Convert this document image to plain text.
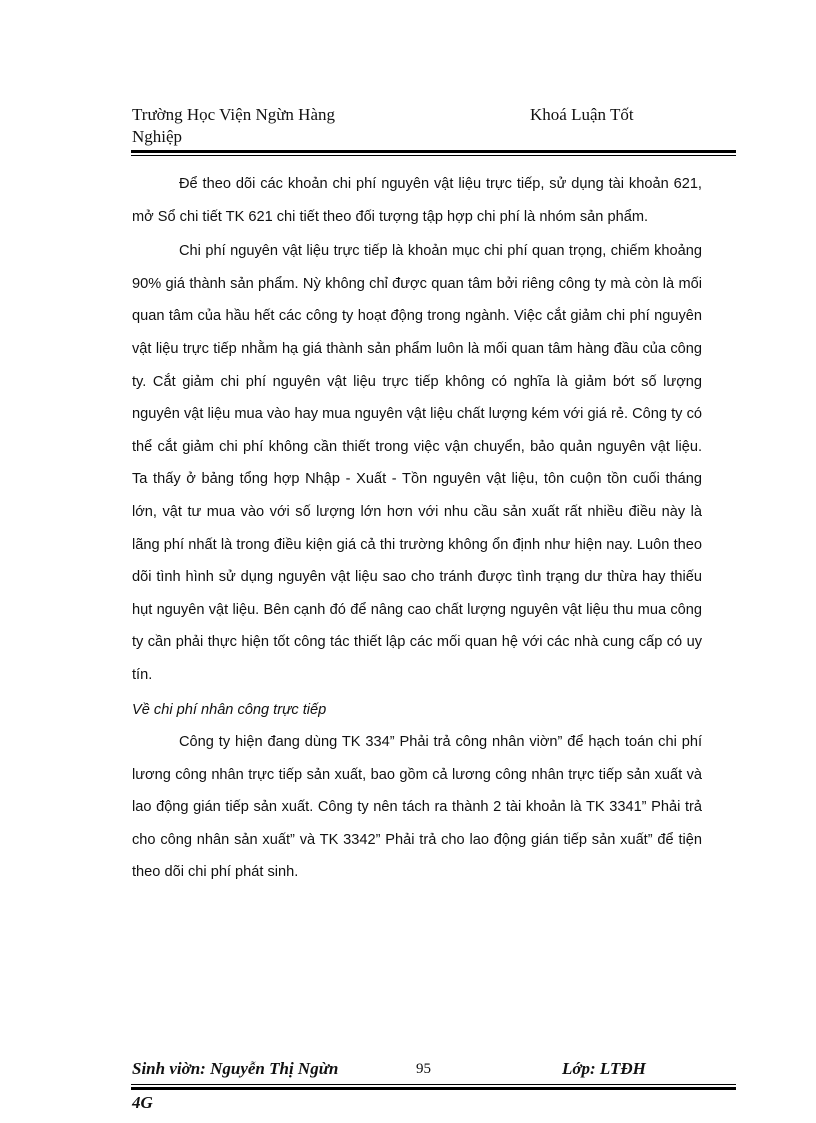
Trường Học Viện Ngừn Hàng
Nghiệp
Khoá Luận Tốt

Để theo dõi các khoản chi phí nguyên vật liệu trực tiếp, sử dụng tài khoản 621, mở Sổ chi tiết TK 621 chi tiết theo đối tượng tập hợp chi phí là nhóm sản phẩm.

Chi phí nguyên vật liệu trực tiếp là khoản mục chi phí quan trọng, chiếm khoảng 90% giá thành sản phẩm. Nỳ không chỉ được quan tâm bởi riêng công ty mà còn là mối quan tâm của hầu hết các công ty hoạt động trong ngành. Việc cắt giảm chi phí nguyên vật liệu trực tiếp nhằm hạ giá thành sản phẩm luôn là mối quan tâm hàng đầu của công ty. Cắt giảm chi phí nguyên vật liệu trực tiếp không có nghĩa là giảm bớt số lượng nguyên vật liệu mua vào hay mua nguyên vật liệu chất lượng kém với giá rẻ. Công ty có thể cắt giảm chi phí không cần thiết trong việc vận chuyển, bảo quản nguyên vật liệu. Ta thấy ở bảng tổng hợp Nhập - Xuất - Tồn nguyên vật liệu, tôn cuộn tồn cuối tháng lớn, vật tư mua vào với số lượng lớn hơn với nhu cầu sản xuất rất nhiều điều này là lãng phí nhất là trong điều kiện giá cả thi trường không ổn định như hiện nay. Luôn theo dõi tình hình sử dụng nguyên vật liệu sao cho tránh được tình trạng dư thừa hay thiếu hụt nguyên vật liệu. Bên cạnh đó để nâng cao chất lượng nguyên vật liệu thu mua công ty cần phải thực hiện tốt công tác thiết lập các mối quan hệ với các nhà cung cấp có uy tín.

Về chi phí nhân công trực tiếp

Công ty hiện đang dùng TK 334” Phải trả công nhân viờn” để hạch toán chi phí lương công nhân trực tiếp sản xuất, bao gồm cả lương công nhân trực tiếp sản xuất và lao động gián tiếp sản xuất. Công ty nên tách ra thành 2 tài khoản là TK 3341” Phải trả cho công nhân sản xuất” và TK 3342” Phải trả cho lao động gián tiếp sản xuất” để tiện theo dõi chi phí phát sinh.

Sinh viờn: Nguyễn Thị Ngừn	95	Lớp: LTĐH
4G
